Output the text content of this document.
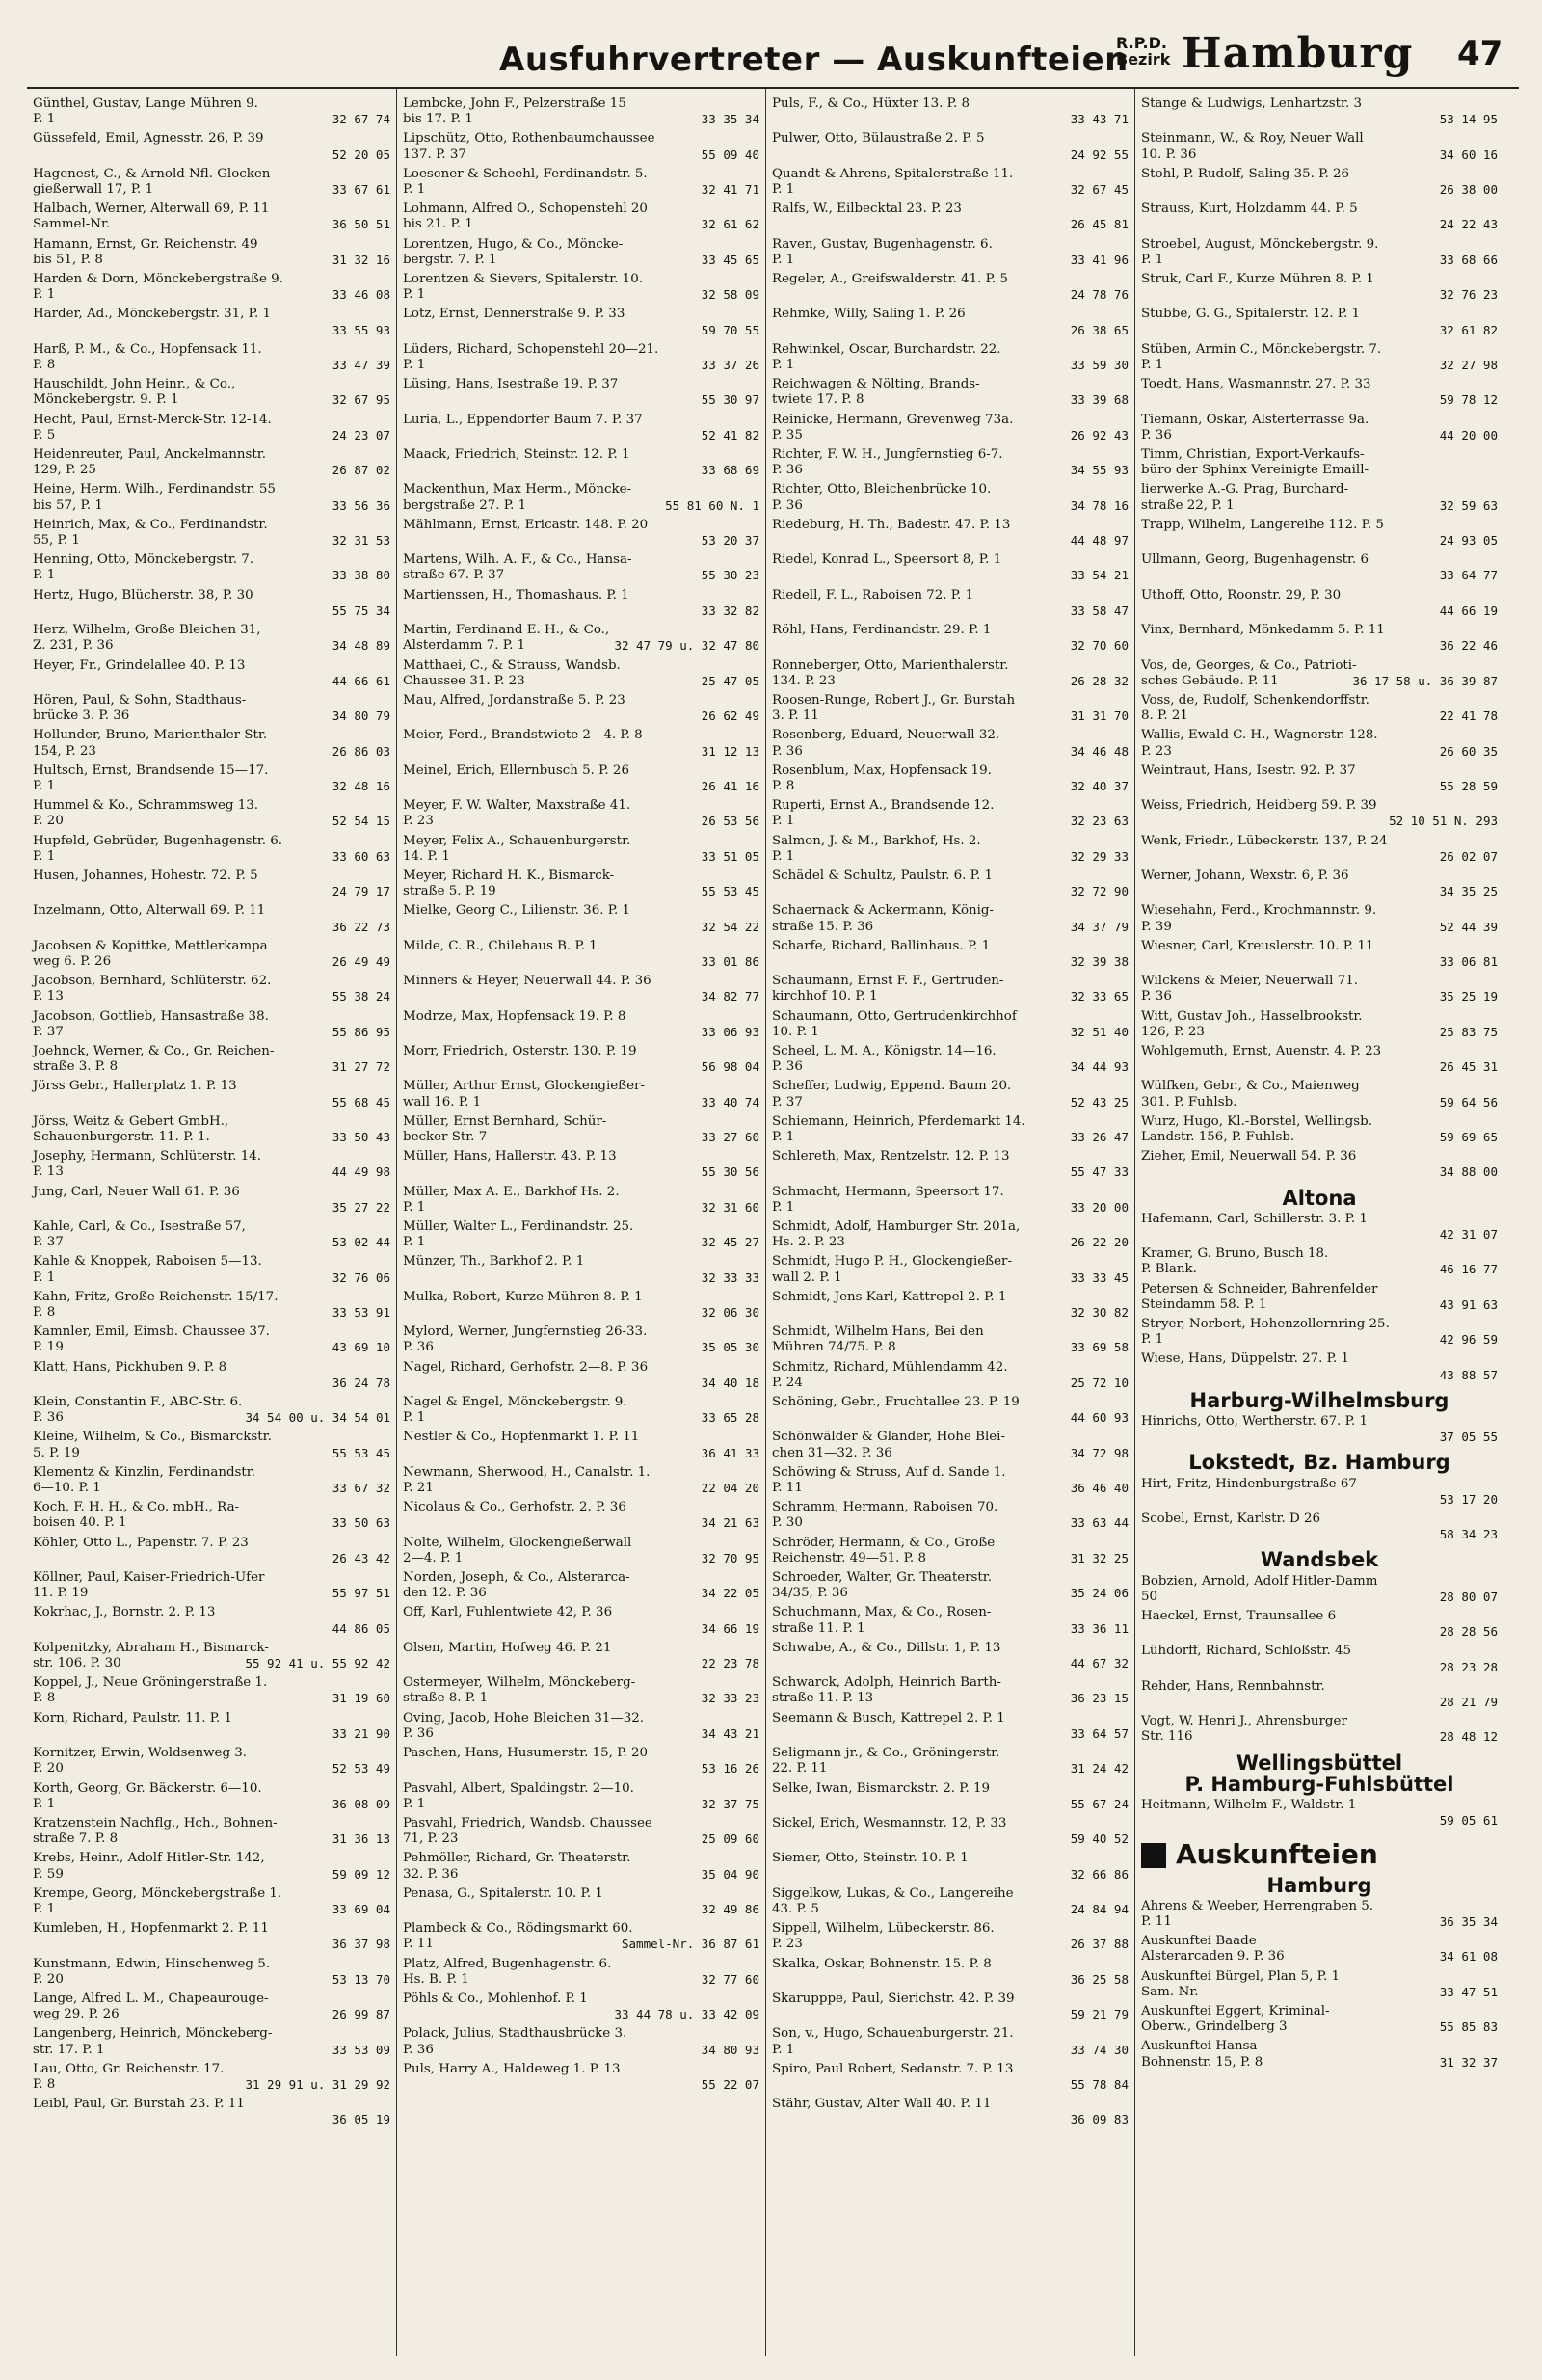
Ausfuhrvertreter — Auskunfteien
R.P.D.
Bezirk Hamburg 47
Günthel, Gustav, Lange Mühren 9.
P. 1	32 67 74
Güssefeld, Emil, Agnesstr. 26, P. 39
52 20 05
Hagenest, C., & Arnold Nfl. Glocken-
gießerwall 17, P. 1	33 67 61
Halbach, Werner, Alterwall 69, P. 11
Sammel-Nr.	36 50 51
Hamann, Ernst, Gr. Reichenstr. 49
bis 51, P. 8	31 32 16
Harden & Dorn, Mönckebergstraße 9.
P. 1	33 46 08
Harder, Ad., Mönckebergstr. 31, P. 1
33 55 93
Harß, P. M., & Co., Hopfensack 11.
P. 8	33 47 39
Hauschildt, John Heinr., & Co.,
Mönckebergstr. 9. P. 1	32 67 95
Hecht, Paul, Ernst-Merck-Str. 12-14.
P. 5	24 23 07
Heidenreuter, Paul, Anckelmannstr.
129, P. 25	26 87 02
Heine, Herm. Wilh., Ferdinandstr. 55
bis 57, P. 1	33 56 36
Heinrich, Max, & Co., Ferdinandstr.
55, P. 1	32 31 53
Henning, Otto, Mönckebergstr. 7.
P. 1	33 38 80
Hertz, Hugo, Blücherstr. 38, P. 30
55 75 34
Herz, Wilhelm, Große Bleichen 31,
Z. 231, P. 36	34 48 89
Heyer, Fr., Grindelallee 40. P. 13
44 66 61
Hören, Paul, & Sohn, Stadthaus-
brücke 3. P. 36	34 80 79
Hollunder, Bruno, Marienthaler Str.
154, P. 23	26 86 03
Hultsch, Ernst, Brandsende 15—17.
P. 1	32 48 16
Hummel & Ko., Schrammsweg 13.
P. 20	52 54 15
Hupfeld, Gebrüder, Bugenhagenstr. 6.
P. 1	33 60 63
Husen, Johannes, Hohestr. 72. P. 5
24 79 17
Inzelmann, Otto, Alterwall 69. P. 11
36 22 73
Jacobsen & Kopittke, Mettlerkampa
weg 6. P. 26	26 49 49
Jacobson, Bernhard, Schlüterstr. 62.
P. 13	55 38 24
Jacobson, Gottlieb, Hansastraße 38.
P. 37	55 86 95
Joehnck, Werner, & Co., Gr. Reichen-
straße 3. P. 8	31 27 72
Jörss Gebr., Hallerplatz 1. P. 13
55 68 45
Jörss, Weitz & Gebert GmbH.,
Schauenburgerstr. 11. P. 1.	33 50 43
Josephy, Hermann, Schlüterstr. 14.
P. 13	44 49 98
Jung, Carl, Neuer Wall 61. P. 36
35 27 22
Kahle, Carl, & Co., Isestraße 57,
P. 37	53 02 44
Kahle & Knoppek, Raboisen 5—13.
P. 1	32 76 06
Kahn, Fritz, Große Reichenstr. 15/17.
P. 8	33 53 91
Kamnler, Emil, Eimsb. Chaussee 37.
P. 19	43 69 10
Klatt, Hans, Pickhuben 9. P. 8
36 24 78
Klein, Constantin F., ABC-Str. 6.
P. 36	34 54 00 u. 34 54 01
Kleine, Wilhelm, & Co., Bismarckstr.
5. P. 19	55 53 45
Klementz & Kinzlin, Ferdinandstr.
6—10. P. 1	33 67 32
Koch, F. H. H., & Co. mbH., Ra-
boisen 40. P. 1	33 50 63
Köhler, Otto L., Papenstr. 7. P. 23
26 43 42
Köllner, Paul, Kaiser-Friedrich-Ufer
11. P. 19	55 97 51
Kokrhac, J., Bornstr. 2. P. 13
44 86 05
Kolpenitzky, Abraham H., Bismarck-
str. 106. P. 30	55 92 41 u. 55 92 42
Koppel, J., Neue Gröningerstraße 1.
P. 8	31 19 60
Korn, Richard, Paulstr. 11. P. 1
33 21 90
Kornitzer, Erwin, Woldsenweg 3.
P. 20	52 53 49
Korth, Georg, Gr. Bäckerstr. 6—10.
P. 1	36 08 09
Kratzenstein Nachflg., Hch., Bohnen-
straße 7. P. 8	31 36 13
Krebs, Heinr., Adolf Hitler-Str. 142,
P. 59	59 09 12
Krempe, Georg, Mönckebergstraße 1.
P. 1	33 69 04
Kumleben, H., Hopfenmarkt 2. P. 11
36 37 98
Kunstmann, Edwin, Hinschenweg 5.
P. 20	53 13 70
Lange, Alfred L. M., Chapeaurouge-
weg 29. P. 26	26 99 87
Langenberg, Heinrich, Mönckeberg-
str. 17. P. 1	33 53 09
Lau, Otto, Gr. Reichenstr. 17.
P. 8	31 29 91 u. 31 29 92
Leibl, Paul, Gr. Burstah 23. P. 11
36 05 19
Lembcke, John F., Pelzerstraße 15
bis 17. P. 1	33 35 34
Lipschütz, Otto, Rothenbaumchaussee
137. P. 37	55 09 40
Loesener & Scheehl, Ferdinandstr. 5.
P. 1	32 41 71
Lohmann, Alfred O., Schopenstehl 20
bis 21. P. 1	32 61 62
Lorentzen, Hugo, & Co., Möncke-
bergstr. 7. P. 1	33 45 65
Lorentzen & Sievers, Spitalerstr. 10.
P. 1	32 58 09
Lotz, Ernst, Dennerstraße 9. P. 33
59 70 55
Lüders, Richard, Schopenstehl 20—21.
P. 1	33 37 26
Lüsing, Hans, Isestraße 19. P. 37
55 30 97
Luria, L., Eppendorfer Baum 7. P. 37
52 41 82
Maack, Friedrich, Steinstr. 12. P. 1
33 68 69
Mackenthun, Max Herm., Möncke-
bergstraße 27. P. 1	55 81 60 N. 1
Mählmann, Ernst, Ericastr. 148. P. 20
53 20 37
Martens, Wilh. A. F., & Co., Hansa-
straße 67. P. 37	55 30 23
Martienssen, H., Thomashaus. P. 1
33 32 82
Martin, Ferdinand E. H., & Co.,
Alsterdamm 7. P. 1	32 47 79 u. 32 47 80
Matthaei, C., & Strauss, Wandsb.
Chaussee 31. P. 23	25 47 05
Mau, Alfred, Jordanstraße 5. P. 23
26 62 49
Meier, Ferd., Brandstwiete 2—4. P. 8
31 12 13
Meinel, Erich, Ellernbusch 5. P. 26
26 41 16
Meyer, F. W. Walter, Maxstraße 41.
P. 23	26 53 56
Meyer, Felix A., Schauenburgerstr.
14. P. 1	33 51 05
Meyer, Richard H. K., Bismarck-
straße 5. P. 19	55 53 45
Mielke, Georg C., Lilienstr. 36. P. 1
32 54 22
Milde, C. R., Chilehaus B. P. 1
33 01 86
Minners & Heyer, Neuerwall 44. P. 36
34 82 77
Modrze, Max, Hopfensack 19. P. 8
33 06 93
Morr, Friedrich, Osterstr. 130. P. 19
56 98 04
Müller, Arthur Ernst, Glockengießer-
wall 16. P. 1	33 40 74
Müller, Ernst Bernhard, Schür-
becker Str. 7	33 27 60
Müller, Hans, Hallerstr. 43. P. 13
55 30 56
Müller, Max A. E., Barkhof Hs. 2.
P. 1	32 31 60
Müller, Walter L., Ferdinandstr. 25.
P. 1	32 45 27
Münzer, Th., Barkhof 2. P. 1
32 33 33
Mulka, Robert, Kurze Mühren 8. P. 1
32 06 30
Mylord, Werner, Jungfernstieg 26-33.
P. 36	35 05 30
Nagel, Richard, Gerhofstr. 2—8. P. 36
34 40 18
Nagel & Engel, Mönckebergstr. 9.
P. 1	33 65 28
Nestler & Co., Hopfenmarkt 1. P. 11
36 41 33
Newmann, Sherwood, H., Canalstr. 1.
P. 21	22 04 20
Nicolaus & Co., Gerhofstr. 2. P. 36
34 21 63
Nolte, Wilhelm, Glockengießerwall
2—4. P. 1	32 70 95
Norden, Joseph, & Co., Alsterarca-
den 12. P. 36	34 22 05
Off, Karl, Fuhlentwiete 42, P. 36
34 66 19
Olsen, Martin, Hofweg 46. P. 21
22 23 78
Ostermeyer, Wilhelm, Mönckeberg-
straße 8. P. 1	32 33 23
Oving, Jacob, Hohe Bleichen 31—32.
P. 36	34 43 21
Paschen, Hans, Husumerstr. 15, P. 20
53 16 26
Pasvahl, Albert, Spaldingstr. 2—10.
P. 1	32 37 75
Pasvahl, Friedrich, Wandsb. Chaussee
71, P. 23	25 09 60
Pehmöller, Richard, Gr. Theaterstr.
32. P. 36	35 04 90
Penasa, G., Spitalerstr. 10. P. 1
32 49 86
Plambeck & Co., Rödingsmarkt 60.
P. 11	Sammel-Nr. 36 87 61
Platz, Alfred, Bugenhagenstr. 6.
Hs. B. P. 1	32 77 60
Pöhls & Co., Mohlenhof. P. 1
33 44 78 u. 33 42 09
Polack, Julius, Stadthausbrücke 3.
P. 36	34 80 93
Puls, Harry A., Haldeweg 1. P. 13
55 22 07
Puls, F., & Co., Hüxter 13. P. 8
33 43 71
Pulwer, Otto, Bülaustraße 2. P. 5
24 92 55
Quandt & Ahrens, Spitalerstraße 11.
P. 1	32 67 45
Ralfs, W., Eilbecktal 23. P. 23
26 45 81
Raven, Gustav, Bugenhagenstr. 6.
P. 1	33 41 96
Regeler, A., Greifswalderstr. 41. P. 5
24 78 76
Rehmke, Willy, Saling 1. P. 26
26 38 65
Rehwinkel, Oscar, Burchardstr. 22.
P. 1	33 59 30
Reichwagen & Nölting, Brands-
twiete 17. P. 8	33 39 68
Reinicke, Hermann, Grevenweg 73a.
P. 35	26 92 43
Richter, F. W. H., Jungfernstieg 6-7.
P. 36	34 55 93
Richter, Otto, Bleichenbrücke 10.
P. 36	34 78 16
Riedeburg, H. Th., Badestr. 47. P. 13
44 48 97
Riedel, Konrad L., Speersort 8, P. 1
33 54 21
Riedell, F. L., Raboisen 72. P. 1
33 58 47
Röhl, Hans, Ferdinandstr. 29. P. 1
32 70 60
Ronneberger, Otto, Marienthalerstr.
134. P. 23	26 28 32
Roosen-Runge, Robert J., Gr. Burstah
3. P. 11	31 31 70
Rosenberg, Eduard, Neuerwall 32.
P. 36	34 46 48
Rosenblum, Max, Hopfensack 19.
P. 8	32 40 37
Ruperti, Ernst A., Brandsende 12.
P. 1	32 23 63
Salmon, J. & M., Barkhof, Hs. 2.
P. 1	32 29 33
Schädel & Schultz, Paulstr. 6. P. 1
32 72 90
Schaernack & Ackermann, König-
straße 15. P. 36	34 37 79
Scharfe, Richard, Ballinhaus. P. 1
32 39 38
Schaumann, Ernst F. F., Gertruden-
kirchhof 10. P. 1	32 33 65
Schaumann, Otto, Gertrudenkirchhof
10. P. 1	32 51 40
Scheel, L. M. A., Königstr. 14—16.
P. 36	34 44 93
Scheffer, Ludwig, Eppend. Baum 20.
P. 37	52 43 25
Schiemann, Heinrich, Pferdemarkt 14.
P. 1	33 26 47
Schlereth, Max, Rentzelstr. 12. P. 13
55 47 33
Schmacht, Hermann, Speersort 17.
P. 1	33 20 00
Schmidt, Adolf, Hamburger Str. 201a,
Hs. 2. P. 23	26 22 20
Schmidt, Hugo P. H., Glockengießer-
wall 2. P. 1	33 33 45
Schmidt, Jens Karl, Kattrepel 2. P. 1
32 30 82
Schmidt, Wilhelm Hans, Bei den
Mühren 74/75. P. 8	33 69 58
Schmitz, Richard, Mühlendamm 42.
P. 24	25 72 10
Schöning, Gebr., Fruchtallee 23. P. 19
44 60 93
Schönwälder & Glander, Hohe Blei-
chen 31—32. P. 36	34 72 98
Schöwing & Struss, Auf d. Sande 1.
P. 11	36 46 40
Schramm, Hermann, Raboisen 70.
P. 30	33 63 44
Schröder, Hermann, & Co., Große
Reichenstr. 49—51. P. 8	31 32 25
Schroeder, Walter, Gr. Theaterstr.
34/35, P. 36	35 24 06
Schuchmann, Max, & Co., Rosen-
straße 11. P. 1	33 36 11
Schwabe, A., & Co., Dillstr. 1, P. 13
44 67 32
Schwarck, Adolph, Heinrich Barth-
straße 11. P. 13	36 23 15
Seemann & Busch, Kattrepel 2. P. 1
33 64 57
Seligmann jr., & Co., Gröningerstr.
22. P. 11	31 24 42
Selke, Iwan, Bismarckstr. 2. P. 19
55 67 24
Sickel, Erich, Wesmannstr. 12, P. 33
59 40 52
Siemer, Otto, Steinstr. 10. P. 1
32 66 86
Siggelkow, Lukas, & Co., Langereihe
43. P. 5	24 84 94
Sippell, Wilhelm, Lübeckerstr. 86.
P. 23	26 37 88
Skalka, Oskar, Bohnenstr. 15. P. 8
36 25 58
Skarupppe, Paul, Sierichstr. 42. P. 39
59 21 79
Son, v., Hugo, Schauenburgerstr. 21.
P. 1	33 74 30
Spiro, Paul Robert, Sedanstr. 7. P. 13
55 78 84
Stähr, Gustav, Alter Wall 40. P. 11
36 09 83
Stange & Ludwigs, Lenhartzstr. 3
53 14 95
Steinmann, W., & Roy, Neuer Wall
10. P. 36	34 60 16
Stohl, P. Rudolf, Saling 35. P. 26
26 38 00
Strauss, Kurt, Holzdamm 44. P. 5
24 22 43
Stroebel, August, Mönckebergstr. 9.
P. 1	33 68 66
Struk, Carl F., Kurze Mühren 8. P. 1
32 76 23
Stubbe, G. G., Spitalerstr. 12. P. 1
32 61 82
Stüben, Armin C., Mönckebergstr. 7.
P. 1	32 27 98
Toedt, Hans, Wasmannstr. 27. P. 33
59 78 12
Tiemann, Oskar, Alsterterrasse 9a.
P. 36	44 20 00
Timm, Christian, Export-Verkaufs-
büro der Sphinx Vereinigte Emaill-
lierwerke A.-G. Prag, Burchard-
straße 22, P. 1	32 59 63
Trapp, Wilhelm, Langereihe 112. P. 5
24 93 05
Ullmann, Georg, Bugenhagenstr. 6
33 64 77
Uthoff, Otto, Roonstr. 29, P. 30
44 66 19
Vinx, Bernhard, Mönkedamm 5. P. 11
36 22 46
Vos, de, Georges, & Co., Patrioti-
sches Gebäude. P. 11	36 17 58 u. 36 39 87
Voss, de, Rudolf, Schenkendorffstr.
8. P. 21	22 41 78
Wallis, Ewald C. H., Wagnerstr. 128.
P. 23	26 60 35
Weintraut, Hans, Isestr. 92. P. 37
55 28 59
Weiss, Friedrich, Heidberg 59. P. 39
52 10 51 N. 293
Wenk, Friedr., Lübeckerstr. 137, P. 24
26 02 07
Werner, Johann, Wexstr. 6, P. 36
34 35 25
Wiesehahn, Ferd., Krochmannstr. 9.
P. 39	52 44 39
Wiesner, Carl, Kreuslerstr. 10. P. 11
33 06 81
Wilckens & Meier, Neuerwall 71.
P. 36	35 25 19
Witt, Gustav Joh., Hasselbrookstr.
126, P. 23	25 83 75
Wohlgemuth, Ernst, Auenstr. 4. P. 23
26 45 31
Wülfken, Gebr., & Co., Maienweg
301. P. Fuhlsb.	59 64 56
Wurz, Hugo, Kl.-Borstel, Wellingsb.
Landstr. 156, P. Fuhlsb.	59 69 65
Zieher, Emil, Neuerwall 54. P. 36
34 88 00
Altona
Hafemann, Carl, Schillerstr. 3. P. 1
42 31 07
Kramer, G. Bruno, Busch 18.
P. Blank.	46 16 77
Petersen & Schneider, Bahrenfelder
Steindamm 58. P. 1	43 91 63
Stryer, Norbert, Hohenzollernring 25.
P. 1	42 96 59
Wiese, Hans, Düppelstr. 27. P. 1
43 88 57
Harburg-Wilhelmsburg
Hinrichs, Otto, Wertherstr. 67. P. 1
37 05 55
Lokstedt, Bz. Hamburg
Hirt, Fritz, Hindenburgstraße 67
53 17 20
Scobel, Ernst, Karlstr. D 26
58 34 23
Wandsbek
Bobzien, Arnold, Adolf Hitler-Damm
50	28 80 07
Haeckel, Ernst, Traunsallee 6
28 28 56
Lühdorff, Richard, Schloßstr. 45
28 23 28
Rehder, Hans, Rennbahnstr.
28 21 79
Vogt, W. Henri J., Ahrensburger
Str. 116	28 48 12
Wellingsbüttel
P. Hamburg-Fuhlsbüttel
Heitmann, Wilhelm F., Waldstr. 1
59 05 61
Auskunfteien
Hamburg
Ahrens & Weeber, Herrengraben 5.
P. 11	36 35 34
Auskunftei Baade
Alsterarcaden 9. P. 36	34 61 08
Auskunftei Bürgel, Plan 5, P. 1
Sam.-Nr.	33 47 51
Auskunftei Eggert, Kriminal-
Oberw., Grindelberg 3	55 85 83
Auskunftei Hansa
Bohnenstr. 15, P. 8	31 32 37
